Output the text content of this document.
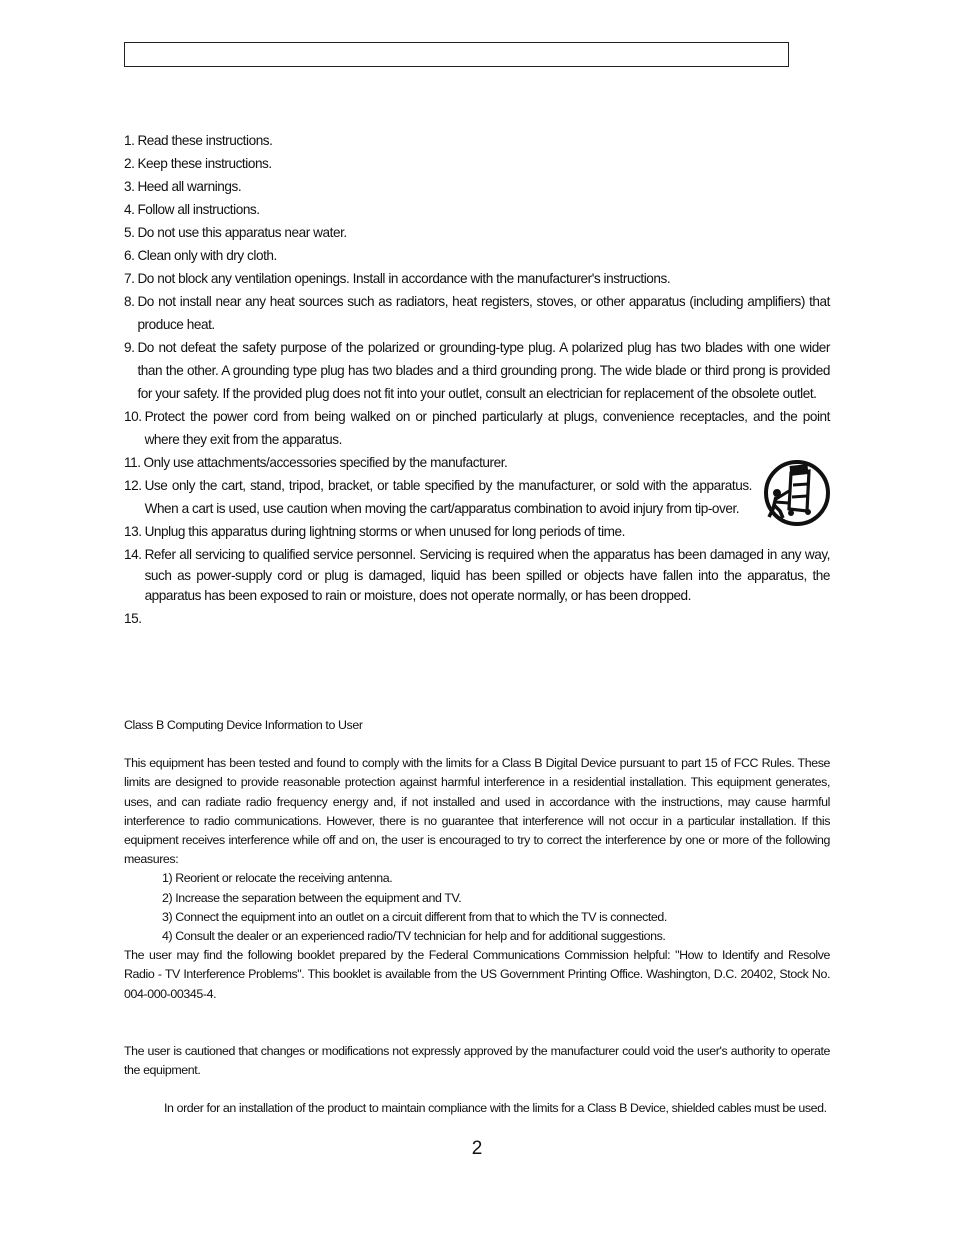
1. Read these instructions.
2. Keep these instructions.
3. Heed all warnings.
4. Follow all instructions.
5. Do not use this apparatus near water.
6. Clean only with dry cloth.
7. Do not block any ventilation openings. Install in accordance with the manufacturer's instructions.
8. Do not install near any heat sources such as radiators, heat registers, stoves, or other apparatus (including amplifiers) that produce heat.
9. Do not defeat the safety purpose of the polarized or grounding-type plug. A polarized plug has two blades with one wider than the other. A grounding type plug has two blades and a third grounding prong. The wide blade or third prong is provided for your safety. If the provided plug does not fit into your outlet, consult an electrician for replacement of the obsolete outlet.
10. Protect the power cord from being walked on or pinched particularly at plugs, convenience receptacles, and the point where they exit from the apparatus.
11. Only use attachments/accessories specified by the manufacturer.
12. Use only the cart, stand, tripod, bracket, or table specified by the manufacturer, or sold with the apparatus. When a cart is used, use caution when moving the cart/apparatus combination to avoid injury from tip-over.
13. Unplug this apparatus during lightning storms or when unused for long periods of time.
14. Refer all servicing to qualified service personnel. Servicing is required when the apparatus has been damaged in any way, such as power-supply cord or plug is damaged, liquid has been spilled or objects have fallen into the apparatus, the apparatus has been exposed to rain or moisture, does not operate normally, or has been dropped.
15.

Class B Computing Device Information to User

This equipment has been tested and found to comply with the limits for a Class B Digital Device pursuant to part 15 of FCC Rules. These limits are designed to provide reasonable protection against harmful interference in a residential installation. This equipment generates, uses, and can radiate radio frequency energy and, if not installed and used in accordance with the instructions, may cause harmful interference to radio communications. However, there is no guarantee that interference will not occur in a particular installation. If this equipment receives interference while off and on, the user is encouraged to try to correct the interference by one or more of the following measures:

1) Reorient or relocate the receiving antenna.

2) Increase the separation between the equipment and TV.

3) Connect the equipment into an outlet on a circuit different from that to which the TV is connected.

4) Consult the dealer or an experienced radio/TV technician for help and for additional suggestions.

The user may find the following booklet prepared by the Federal Communications Commission helpful: "How to Identify and Resolve Radio - TV Interference Problems". This booklet is available from the US Government Printing Office. Washington, D.C. 20402, Stock No. 004-000-00345-4.

The user is cautioned that changes or modifications not expressly approved by the manufacturer could void the user's authority to operate the equipment.

In order for an installation of the product to maintain compliance with the limits for a Class B Device, shielded cables must be used.

2
